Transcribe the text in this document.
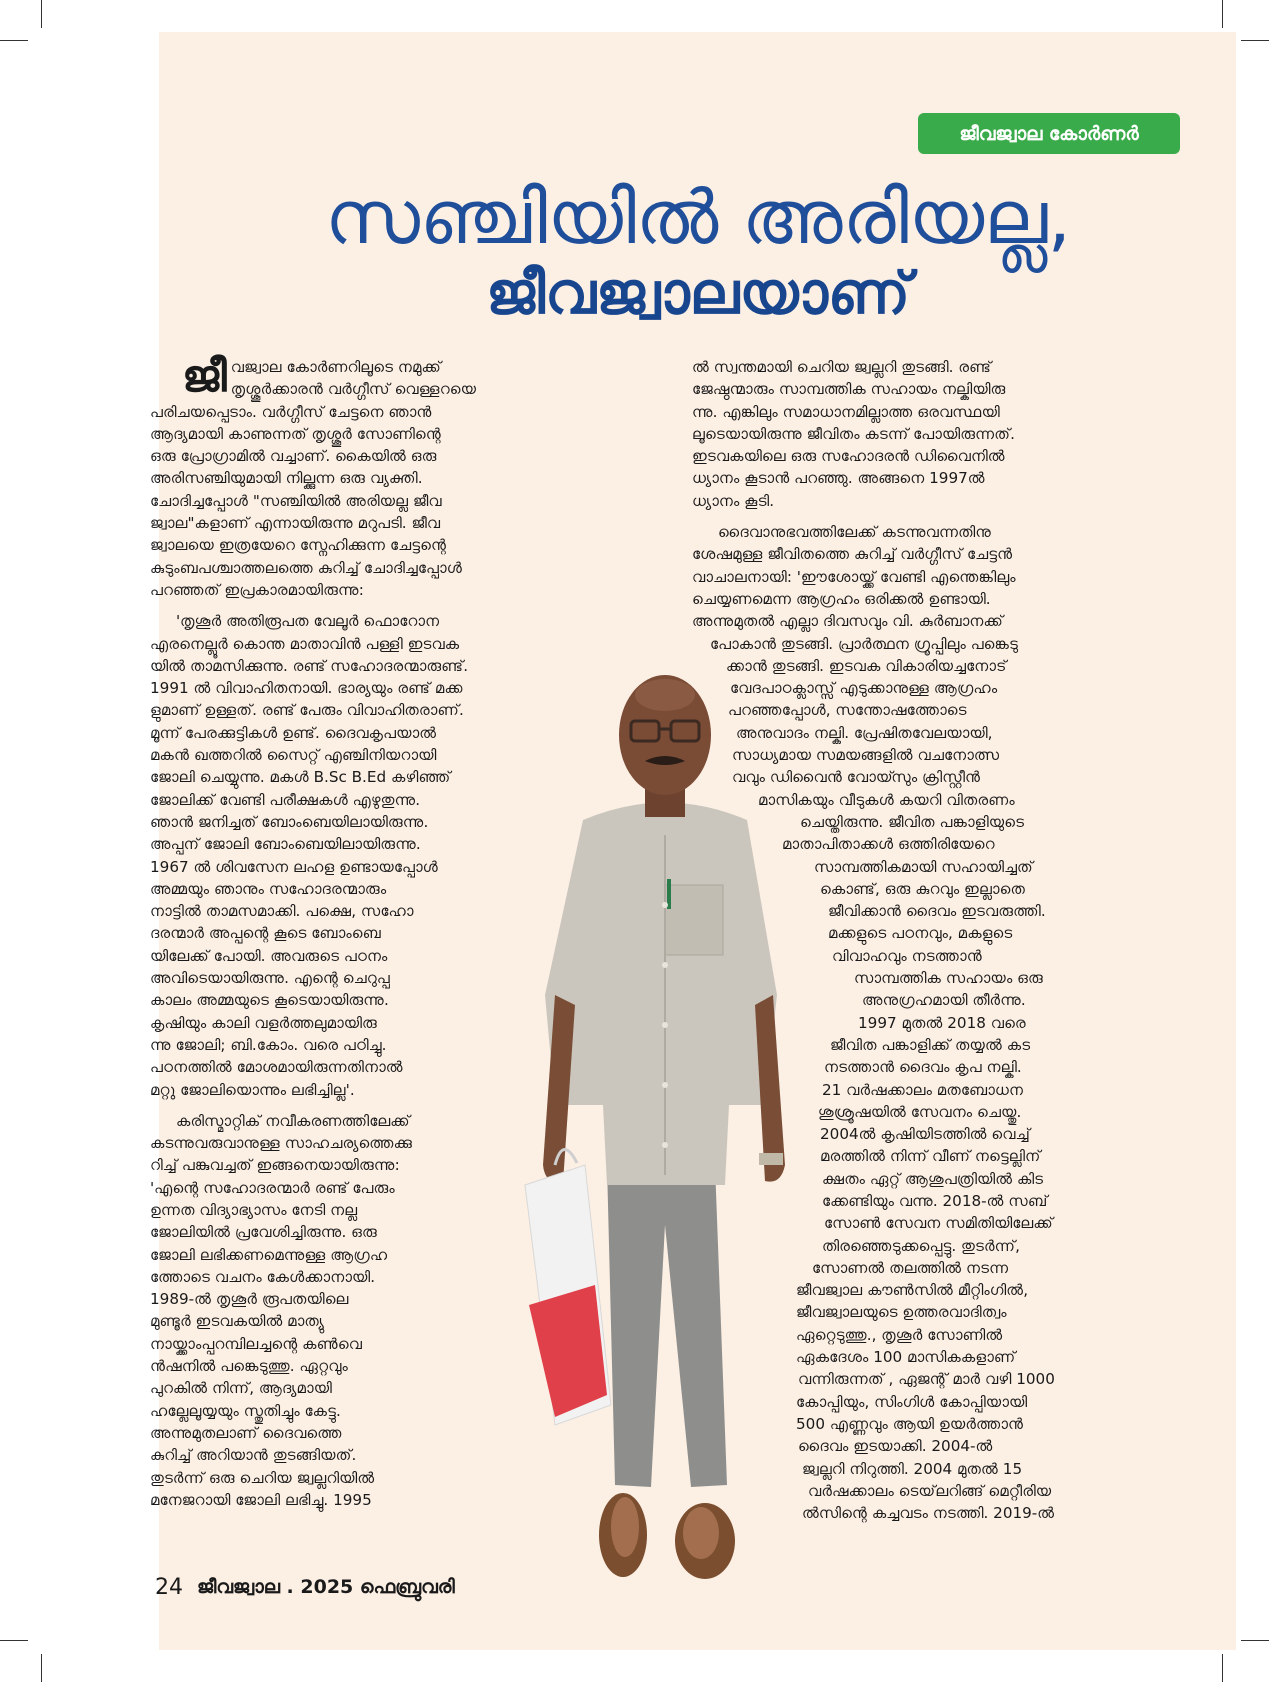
ജീവജ്വാല കോർണർ
സഞ്ചിയിൽ അരിയല്ല,
ജീവജ്വാലയാണ്

ജീ വജ്വാല കോർണറിലൂടെ നമുക്ക്
തൃശ്ശൂർക്കാരൻ വർഗ്ഗീസ് വെള്ളറയെ
പരിചയപ്പെടാം. വർഗ്ഗീസ് ചേട്ടനെ ഞാൻ
ആദ്യമായി കാണുന്നത് തൃശ്ശൂർ സോണിന്റെ
ഒരു പ്രോഗ്രാമിൽ വച്ചാണ്. കൈയിൽ ഒരു
അരിസഞ്ചിയുമായി നില്ക്കുന്ന ഒരു വ്യക്തി.
ചോദിച്ചപ്പോൾ "സഞ്ചിയിൽ അരിയല്ല ജീവ
ജ്വാല"കളാണ് എന്നായിരുന്നു മറുപടി. ജീവ
ജ്വാലയെ ഇത്രയേറെ സ്നേഹിക്കുന്ന ചേട്ടന്റെ
കുടുംബപശ്ചാത്തലത്തെ കുറിച്ച് ചോദിച്ചപ്പോൾ
പറഞ്ഞത് ഇപ്രകാരമായിരുന്നു:

'തൃശൂർ അതിരൂപത വേലൂർ ഫൊറോന
എരനെല്ലൂർ കൊന്ത മാതാവിൻ പള്ളി ഇടവക
യിൽ താമസിക്കുന്നു. രണ്ട് സഹോദരന്മാരുണ്ട്.
1991 ൽ വിവാഹിതനായി. ഭാര്യയും രണ്ട് മക്ക
ളുമാണ് ഉള്ളത്. രണ്ട് പേരും വിവാഹിതരാണ്.
മൂന്ന് പേരക്കുട്ടികൾ ഉണ്ട്. ദൈവകൃപയാൽ
മകൻ ഖത്തറിൽ സൈറ്റ് എഞ്ചിനിയറായി
ജോലി ചെയ്യുന്നു. മകൾ B.Sc B.Ed കഴിഞ്ഞ്
ജോലിക്ക് വേണ്ടി പരീക്ഷകൾ എഴുതുന്നു.
ഞാൻ ജനിച്ചത് ബോംബെയിലായിരുന്നു.
അപ്പന് ജോലി ബോംബെയിലായിരുന്നു.
1967 ൽ ശിവസേന ലഹള ഉണ്ടായപ്പോൾ
അമ്മയും ഞാനും സഹോദരന്മാരും
നാട്ടിൽ താമസമാക്കി. പക്ഷെ, സഹോ
ദരന്മാർ അപ്പന്റെ കൂടെ ബോംബെ
യിലേക്ക് പോയി. അവരുടെ പഠനം
അവിടെയായിരുന്നു. എന്റെ ചെറുപ്പ
കാലം അമ്മയുടെ കൂടെയായിരുന്നു.
കൃഷിയും കാലി വളർത്തലുമായിരു
ന്നു ജോലി; ബി.കോം. വരെ പഠിച്ചു.
പഠനത്തിൽ മോശമായിരുന്നതിനാൽ
മറ്റു ജോലിയൊന്നും ലഭിച്ചില്ല'.

കരിസ്മാറ്റിക് നവീകരണത്തിലേക്ക്
കടന്നുവരുവാനുള്ള സാഹചര്യത്തെക്കു
റിച്ച് പങ്കുവച്ചത് ഇങ്ങനെയായിരുന്നു:
'എന്റെ സഹോദരന്മാർ രണ്ട് പേരും
ഉന്നത വിദ്യാഭ്യാസം നേടി നല്ല
ജോലിയിൽ പ്രവേശിച്ചിരുന്നു. ഒരു
ജോലി ലഭിക്കണമെന്നുള്ള ആഗ്രഹ
ത്തോടെ വചനം കേൾക്കാനായി.
1989-ൽ തൃശൂർ രൂപതയിലെ
മുണ്ടൂർ ഇടവകയിൽ മാത്യു
നായ്ക്കാംപ്പറമ്പിലച്ചന്റെ കൺവെ
ൻഷനിൽ പങ്കെടുത്തു. ഏറ്റവും
പുറകിൽ നിന്ന്, ആദ്യമായി
ഹല്ലേലൂയ്യയും സ്തുതിച്ചും കേട്ടു.
അന്നുമുതലാണ് ദൈവത്തെ
കുറിച്ച് അറിയാൻ തുടങ്ങിയത്.
തുടർന്ന് ഒരു ചെറിയ ജ്വല്ലറിയിൽ
മനേജറായി ജോലി ലഭിച്ചു. 1995

ൽ സ്വന്തമായി ചെറിയ ജ്വല്ലറി തുടങ്ങി. രണ്ട്
ജേഷ്ഠന്മാരും സാമ്പത്തിക സഹായം നല്കിയിരു
ന്നു. എങ്കിലും സമാധാനമില്ലാത്ത ഒരവസ്ഥയി
ലൂടെയായിരുന്നു ജീവിതം കടന്ന് പോയിരുന്നത്.
ഇടവകയിലെ ഒരു സഹോദരൻ ഡിവൈനിൽ
ധ്യാനം കൂടാൻ പറഞ്ഞു. അങ്ങനെ 1997ൽ
ധ്യാനം കൂടി.

ദൈവാനുഭവത്തിലേക്ക് കടന്നുവന്നതിനു
ശേഷമുള്ള ജീവിതത്തെ കുറിച്ച് വർഗ്ഗീസ് ചേട്ടൻ
വാചാലനായി: 'ഈശോയ്ക്ക് വേണ്ടി എന്തെങ്കിലും
ചെയ്യണമെന്ന ആഗ്രഹം ഒരിക്കൽ ഉണ്ടായി.
അന്നുമുതൽ എല്ലാ ദിവസവും വി. കുർബാനക്ക്
പോകാൻ തുടങ്ങി. പ്രാർത്ഥന ഗ്രൂപ്പിലും പങ്കെടു
ക്കാൻ തുടങ്ങി. ഇടവക വികാരിയച്ചനോട്
വേദപാഠക്ലാസ്സ് എടുക്കാനുള്ള ആഗ്രഹം
പറഞ്ഞപ്പോൾ, സന്തോഷത്തോടെ
അനുവാദം നല്കി. പ്രേഷിതവേലയായി,
സാധ്യമായ സമയങ്ങളിൽ വചനോത്സ
വവും ഡിവൈൻ വോയ്സും ക്രിസ്റ്റീൻ
മാസികയും വീടുകൾ കയറി വിതരണം
ചെയ്തിരുന്നു. ജീവിത പങ്കാളിയുടെ
മാതാപിതാക്കൾ ഒത്തിരിയേറെ
സാമ്പത്തികമായി സഹായിച്ചത്
കൊണ്ട്, ഒരു കുറവും ഇല്ലാതെ
ജീവിക്കാൻ ദൈവം ഇടവരുത്തി.
മക്കളുടെ പഠനവും, മകളുടെ
വിവാഹവും നടത്താൻ
സാമ്പത്തിക സഹായം ഒരു
അനുഗ്രഹമായി തീർന്നു.
1997 മുതൽ 2018 വരെ
ജീവിത പങ്കാളിക്ക് തയ്യൽ കട
നടത്താൻ ദൈവം കൃപ നല്കി.
21 വർഷക്കാലം മതബോധന
ശുശ്രൂഷയിൽ സേവനം ചെയ്തു.
2004ൽ കൃഷിയിടത്തിൽ വെച്ച്
മരത്തിൽ നിന്ന് വീണ് നട്ടെല്ലിന്
ക്ഷതം ഏറ്റ് ആശുപത്രിയിൽ കിട
ക്കേണ്ടിയും വന്നു. 2018-ൽ സബ്
സോൺ സേവന സമിതിയിലേക്ക്
തിരഞ്ഞെടുക്കപ്പെട്ടു. തുടർന്ന്,
സോണൽ തലത്തിൽ നടന്ന
ജീവജ്വാല കൗൺസിൽ മീറ്റിംഗിൽ,
ജീവജ്വാലയുടെ ഉത്തരവാദിത്വം
ഏറ്റെടുത്തു., തൃശൂർ സോണിൽ
ഏകദേശം 100 മാസികകളാണ്
വന്നിരുന്നത് , ഏജന്റ് മാർ വഴി 1000
കോപ്പിയും, സിംഗിൾ കോപ്പിയായി
500 എണ്ണവും ആയി ഉയർത്താൻ
ദൈവം ഇടയാക്കി. 2004-ൽ
ജ്വല്ലറി നിറുത്തി. 2004 മുതൽ 15
വർഷക്കാലം ടെയ്‌ലറിങ്ങ് മെറ്റീരിയ
ൽസിന്റെ കച്ചവടം നടത്തി. 2019-ൽ

24 ജീവജ്വാല . 2025 ഫെബ്രുവരി
